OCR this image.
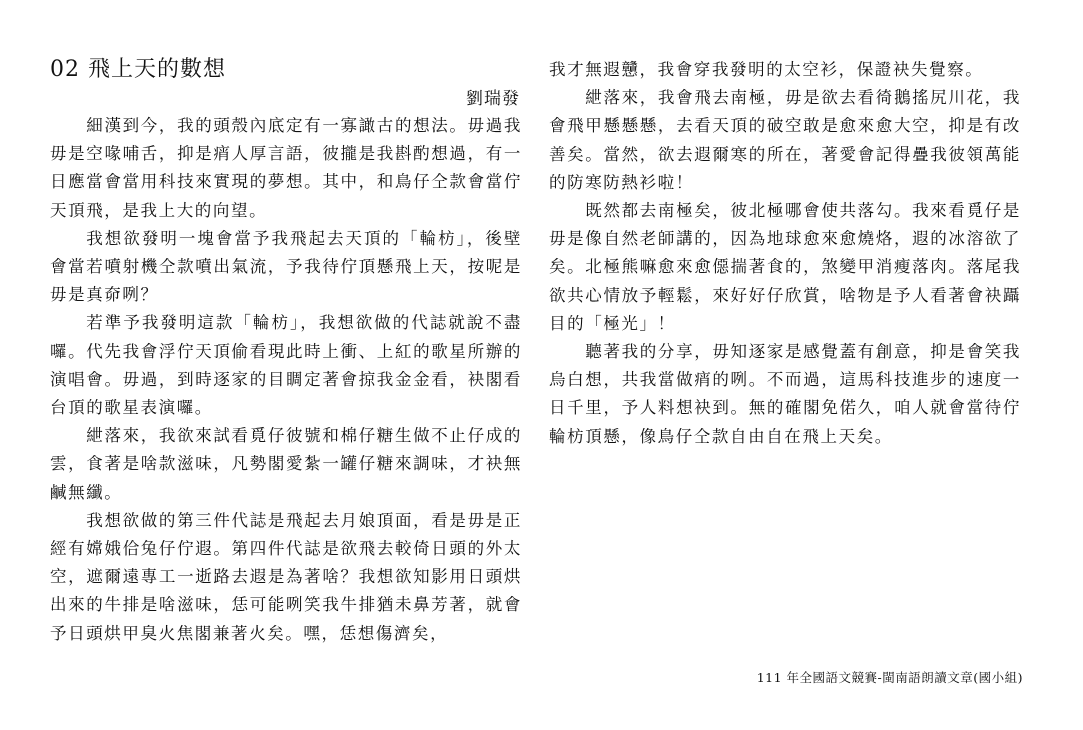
02 飛上天的數想
劉瑞發

細漢到今，我的頭殼內底定有一寡譀古的想法。毋過我毋是空喙哺舌，抑是痟人厚言語，彼攏是我斟酌想過，有一日應當會當用科技來實現的夢想。其中，和鳥仔仝款會當佇天頂飛，是我上大的向望。

我想欲發明一塊會當予我飛起去天頂的「輪枋」，後壁會當若噴射機仝款噴出氣流，予我待佇頂懸飛上天，按呢是毋是真奅咧？

若準予我發明這款「輪枋」，我想欲做的代誌就說不盡囉。代先我會浮佇天頂偷看現此時上衝、上紅的歌星所辦的演唱會。毋過，到時逐家的目睭定著會掠我金金看，袂閣看台頂的歌星表演囉。

紲落來，我欲來試看覓仔彼號和棉仔糖生做不止仔成的雲，食著是啥款滋味，凡勢閣愛紮一罐仔糖來調味，才袂無鹹無纖。

我想欲做的第三件代誌是飛起去月娘頂面，看是毋是正經有嫦娥佮兔仔佇遐。第四件代誌是欲飛去較倚日頭的外太空，遮爾遠專工一逝路去遐是為著啥？我想欲知影用日頭烘出來的牛排是啥滋味，恁可能咧笑我牛排猶未鼻芳著，就會予日頭烘甲臭火焦閣兼著火矣。嘿，恁想傷濟矣，

我才無遐戇，我會穿我發明的太空衫，保證袂失覺察。

紲落來，我會飛去南極，毋是欲去看徛鵝搖尻川花，我會飛甲懸懸懸，去看天頂的破空敢是愈來愈大空，抑是有改善矣。當然，欲去遐爾寒的所在，著愛會記得疊我彼領萬能的防寒防熱衫啦！

既然都去南極矣，彼北極哪會使共落勾。我來看覓仔是毋是像自然老師講的，因為地球愈來愈燒烙，遐的冰溶欲了矣。北極熊嘛愈來愈僫揣著食的，煞變甲消瘦落肉。落尾我欲共心情放予輕鬆，來好好仔欣賞，啥物是予人看著會袂躡目的「極光」！

聽著我的分享，毋知逐家是感覺蓋有創意，抑是會笑我烏白想，共我當做痟的咧。不而過，這馬科技進步的速度一日千里，予人料想袂到。無的確閣免偌久，咱人就會當待佇輪枋頂懸，像鳥仔仝款自由自在飛上天矣。

111 年全國語文競賽-閩南語朗讀文章(國小組)
